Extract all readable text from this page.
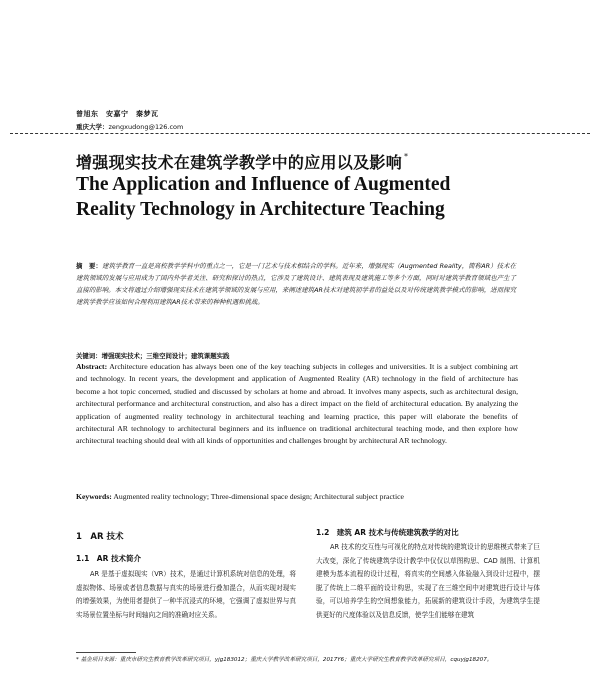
曾旭东　安嘉宁　秦梦瓦
重庆大学：zengxudong@126.com
增强现实技术在建筑学教学中的应用以及影响 *
The Application and Influence of Augmented
Reality Technology in Architecture Teaching
摘　要：建筑学教育一直是高校教学学科中的重点之一，它是一门艺术与技术相结合的学科。近年来，增强现实（Augmented Reality，简称AR）技术在建筑领域的发展与应用成为了国内外学者关注、研究和探讨的热点，它涉及了建筑设计、建筑表现及建筑施工等多个方面，同时对建筑学教育领域也产生了直接的影响。本文将通过介绍增强现实技术在建筑学领域的发展与应用，来阐述建筑AR技术对建筑初学者的益处以及对传统建筑教学模式的影响，进而探究建筑学教学应该如何合理利用建筑AR技术带来的种种机遇和挑战。
关键词：增强现实技术；三维空间设计；建筑课题实践
Abstract: Architecture education has always been one of the key teaching subjects in colleges and universities. It is a subject combining art and technology. In recent years, the development and application of Augmented Reality (AR) technology in the field of architecture has become a hot topic concerned, studied and discussed by scholars at home and abroad. It involves many aspects, such as architectural design, architectural performance and architectural construction, and also has a direct impact on the field of architectural education. By analyzing the application of augmented reality technology in architectural teaching and learning practice, this paper will elaborate the benefits of architectural AR technology to architectural beginners and its influence on traditional architectural teaching mode, and then explore how architectural teaching should deal with all kinds of opportunities and challenges brought by architectural AR technology.
Keywords: Augmented reality technology; Three-dimensional space design; Architectural subject practice
1　AR 技术
1.1　AR 技术简介

AR 是基于虚拟现实（VR）技术，是通过计算机系统对信息的处理，将虚拟物体、场景或者信息数据与真实的场景进行叠加混合，从而实现对现实的增强效果，为使用者提供了一种半沉浸式的环境，它强调了虚拟世界与真实场景位置坐标与时间轴向之间的准确对应关系。

1.2　建筑 AR 技术与传统建筑教学的对比

AR 技术的交互性与可视化的特点对传统的建筑设计的思维模式带来了巨大改变，深化了传统建筑学设计教学中仅仅以草图构思、CAD 制图、计算机建模为基本流程的设计过程，将真实的空间感入体验融入到设计过程中，摆脱了传统上二维平面的设计构思，实现了在三维空间中对建筑进行设计与体验，可以培养学生的空间想象能力，拓展新的建筑设计手段，为建筑学生提供更好的尺度体验以及信息反馈，使学生们能够在建筑

* 基金项目来源：重庆市研究生教育教学改革研究项目，yjg183012；重庆大学教学改革研究项目，2017Y6；重庆大学研究生教育教学改革研究项目，cquyjg18207。
